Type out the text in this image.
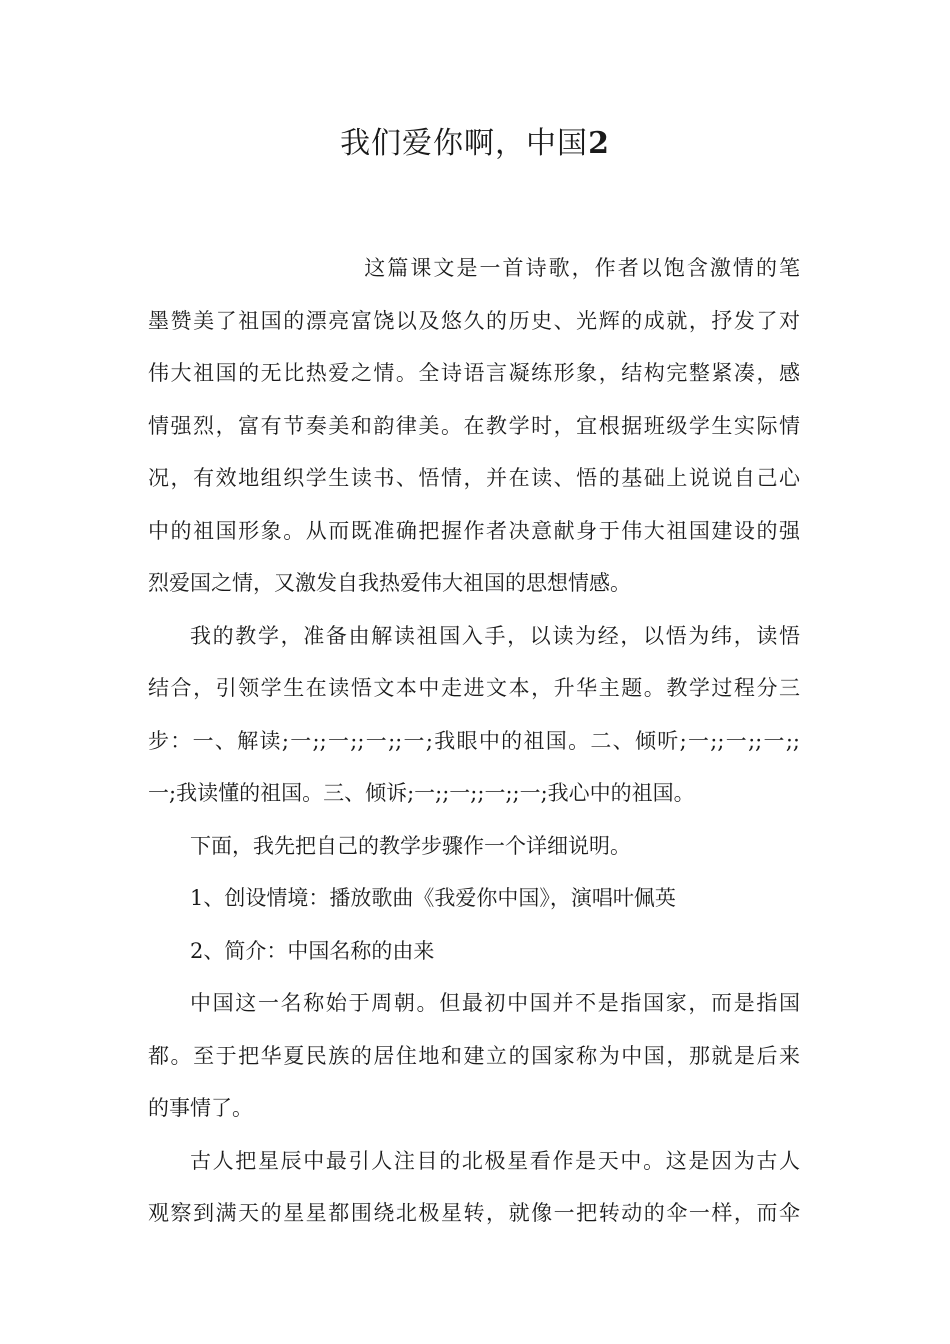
我们爱你啊，中国2

这篇课文是一首诗歌，作者以饱含激情的笔
墨赞美了祖国的漂亮富饶以及悠久的历史、光辉的成就，抒发了对
伟大祖国的无比热爱之情。全诗语言凝练形象，结构完整紧凑，感
情强烈，富有节奏美和韵律美。在教学时，宜根据班级学生实际情
况，有效地组织学生读书、悟情，并在读、悟的基础上说说自己心
中的祖国形象。从而既准确把握作者决意献身于伟大祖国建设的强
烈爱国之情，又激发自我热爱伟大祖国的思想情感。

我的教学，准备由解读祖国入手，以读为经，以悟为纬，读悟
结合，引领学生在读悟文本中走进文本，升华主题。教学过程分三
步：一、解读;一;;一;;一;;一;我眼中的祖国。二、倾听;一;;一;;一;;
一;我读懂的祖国。三、倾诉;一;;一;;一;;一;我心中的祖国。

下面，我先把自己的教学步骤作一个详细说明。

1、创设情境：播放歌曲《我爱你中国》，演唱叶佩英

2、简介：中国名称的由来

中国这一名称始于周朝。但最初中国并不是指国家，而是指国
都。至于把华夏民族的居住地和建立的国家称为中国，那就是后来
的事情了。

古人把星辰中最引人注目的北极星看作是天中。这是因为古人
观察到满天的星星都围绕北极星转，就像一把转动的伞一样，而伞
